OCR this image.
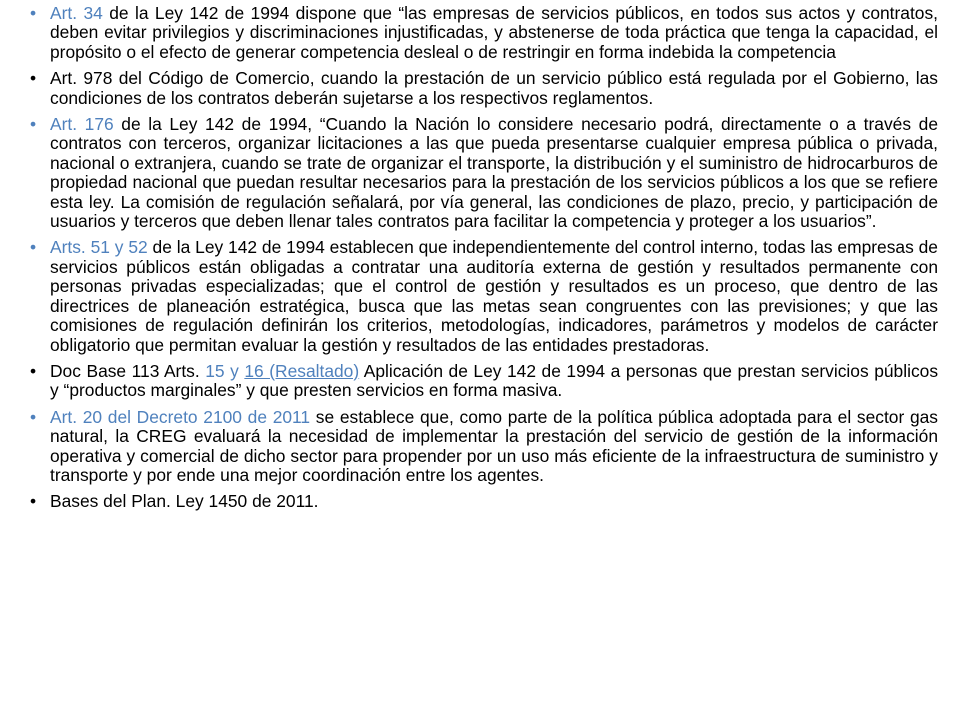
• Art. 34 de la Ley 142 de 1994 dispone que “las empresas de servicios públicos, en todos sus actos y contratos, deben evitar privilegios y discriminaciones injustificadas, y abstenerse de toda práctica que tenga la capacidad, el propósito o el efecto de generar competencia desleal o de restringir en forma indebida la competencia
• Art. 978 del Código de Comercio, cuando la prestación de un servicio público está regulada por el Gobierno, las condiciones de los contratos deberán sujetarse a los respectivos reglamentos.
• Art. 176 de la Ley 142 de 1994, “Cuando la Nación lo considere necesario podrá, directamente o a través de contratos con terceros, organizar licitaciones a las que pueda presentarse cualquier empresa pública o privada, nacional o extranjera, cuando se trate de organizar el transporte, la distribución y el suministro de hidrocarburos de propiedad nacional que puedan resultar necesarios para la prestación de los servicios públicos a los que se refiere esta ley. La comisión de regulación señalará, por vía general, las condiciones de plazo, precio, y participación de usuarios y terceros que deben llenar tales contratos para facilitar la competencia y proteger a los usuarios”.
• Arts. 51 y 52 de la Ley 142 de 1994 establecen que independientemente del control interno, todas las empresas de servicios públicos están obligadas a contratar una auditoría externa de gestión y resultados permanente con personas privadas especializadas; que el control de gestión y resultados es un proceso, que dentro de las directrices de planeación estratégica, busca que las metas sean congruentes con las previsiones; y que las comisiones de regulación definirán los criterios, metodologías, indicadores, parámetros y modelos de carácter obligatorio que permitan evaluar la gestión y resultados de las entidades prestadoras.
• Doc Base 113 Arts. 15 y 16 (Resaltado) Aplicación de Ley 142 de 1994 a personas que prestan servicios públicos y “productos marginales” y que presten servicios en forma masiva.
• Art. 20 del Decreto 2100 de 2011 se establece que, como parte de la política pública adoptada para el sector gas natural, la CREG evaluará la necesidad de implementar la prestación del servicio de gestión de la información operativa y comercial de dicho sector para propender por un uso más eficiente de la infraestructura de suministro y transporte y por ende una mejor coordinación entre los agentes.
• Bases del Plan. Ley 1450 de 2011.
